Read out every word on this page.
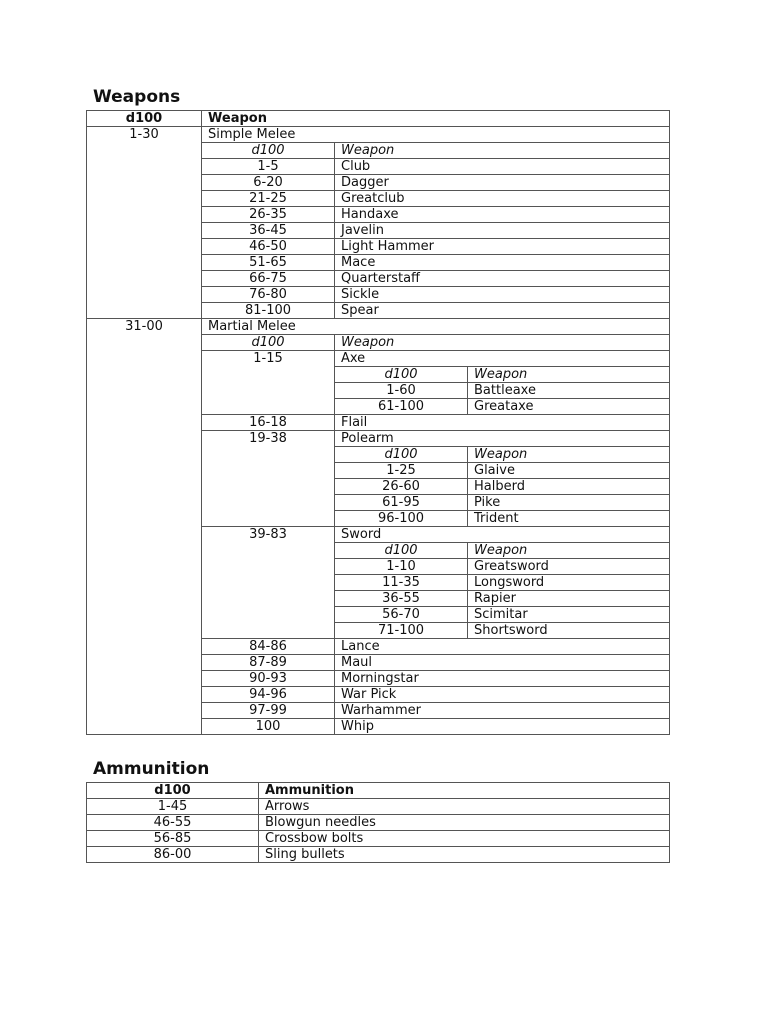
Weapons
d100	Weapon		
1-30	Simple Melee		
	d100	Weapon	
	1-5	Club	
	6-20	Dagger	
	21-25	Greatclub	
	26-35	Handaxe	
	36-45	Javelin	
	46-50	Light Hammer	
	51-65	Mace	
	66-75	Quarterstaff	
	76-80	Sickle	
	81-100	Spear	
31-00	Martial Melee		
	d100	Weapon	
	1-15	Axe	
		d100	Weapon
		1-60	Battleaxe
		61-100	Greataxe
	16-18	Flail	
	19-38	Polearm	
		d100	Weapon
		1-25	Glaive
		26-60	Halberd
		61-95	Pike
		96-100	Trident
	39-83	Sword	
		d100	Weapon
		1-10	Greatsword
		11-35	Longsword
		36-55	Rapier
		56-70	Scimitar
		71-100	Shortsword
	84-86	Lance	
	87-89	Maul	
	90-93	Morningstar	
	94-96	War Pick	
	97-99	Warhammer	
	100	Whip	
Ammunition
d100	Ammunition
1-45	Arrows
46-55	Blowgun needles
56-85	Crossbow bolts
86-00	Sling bullets
